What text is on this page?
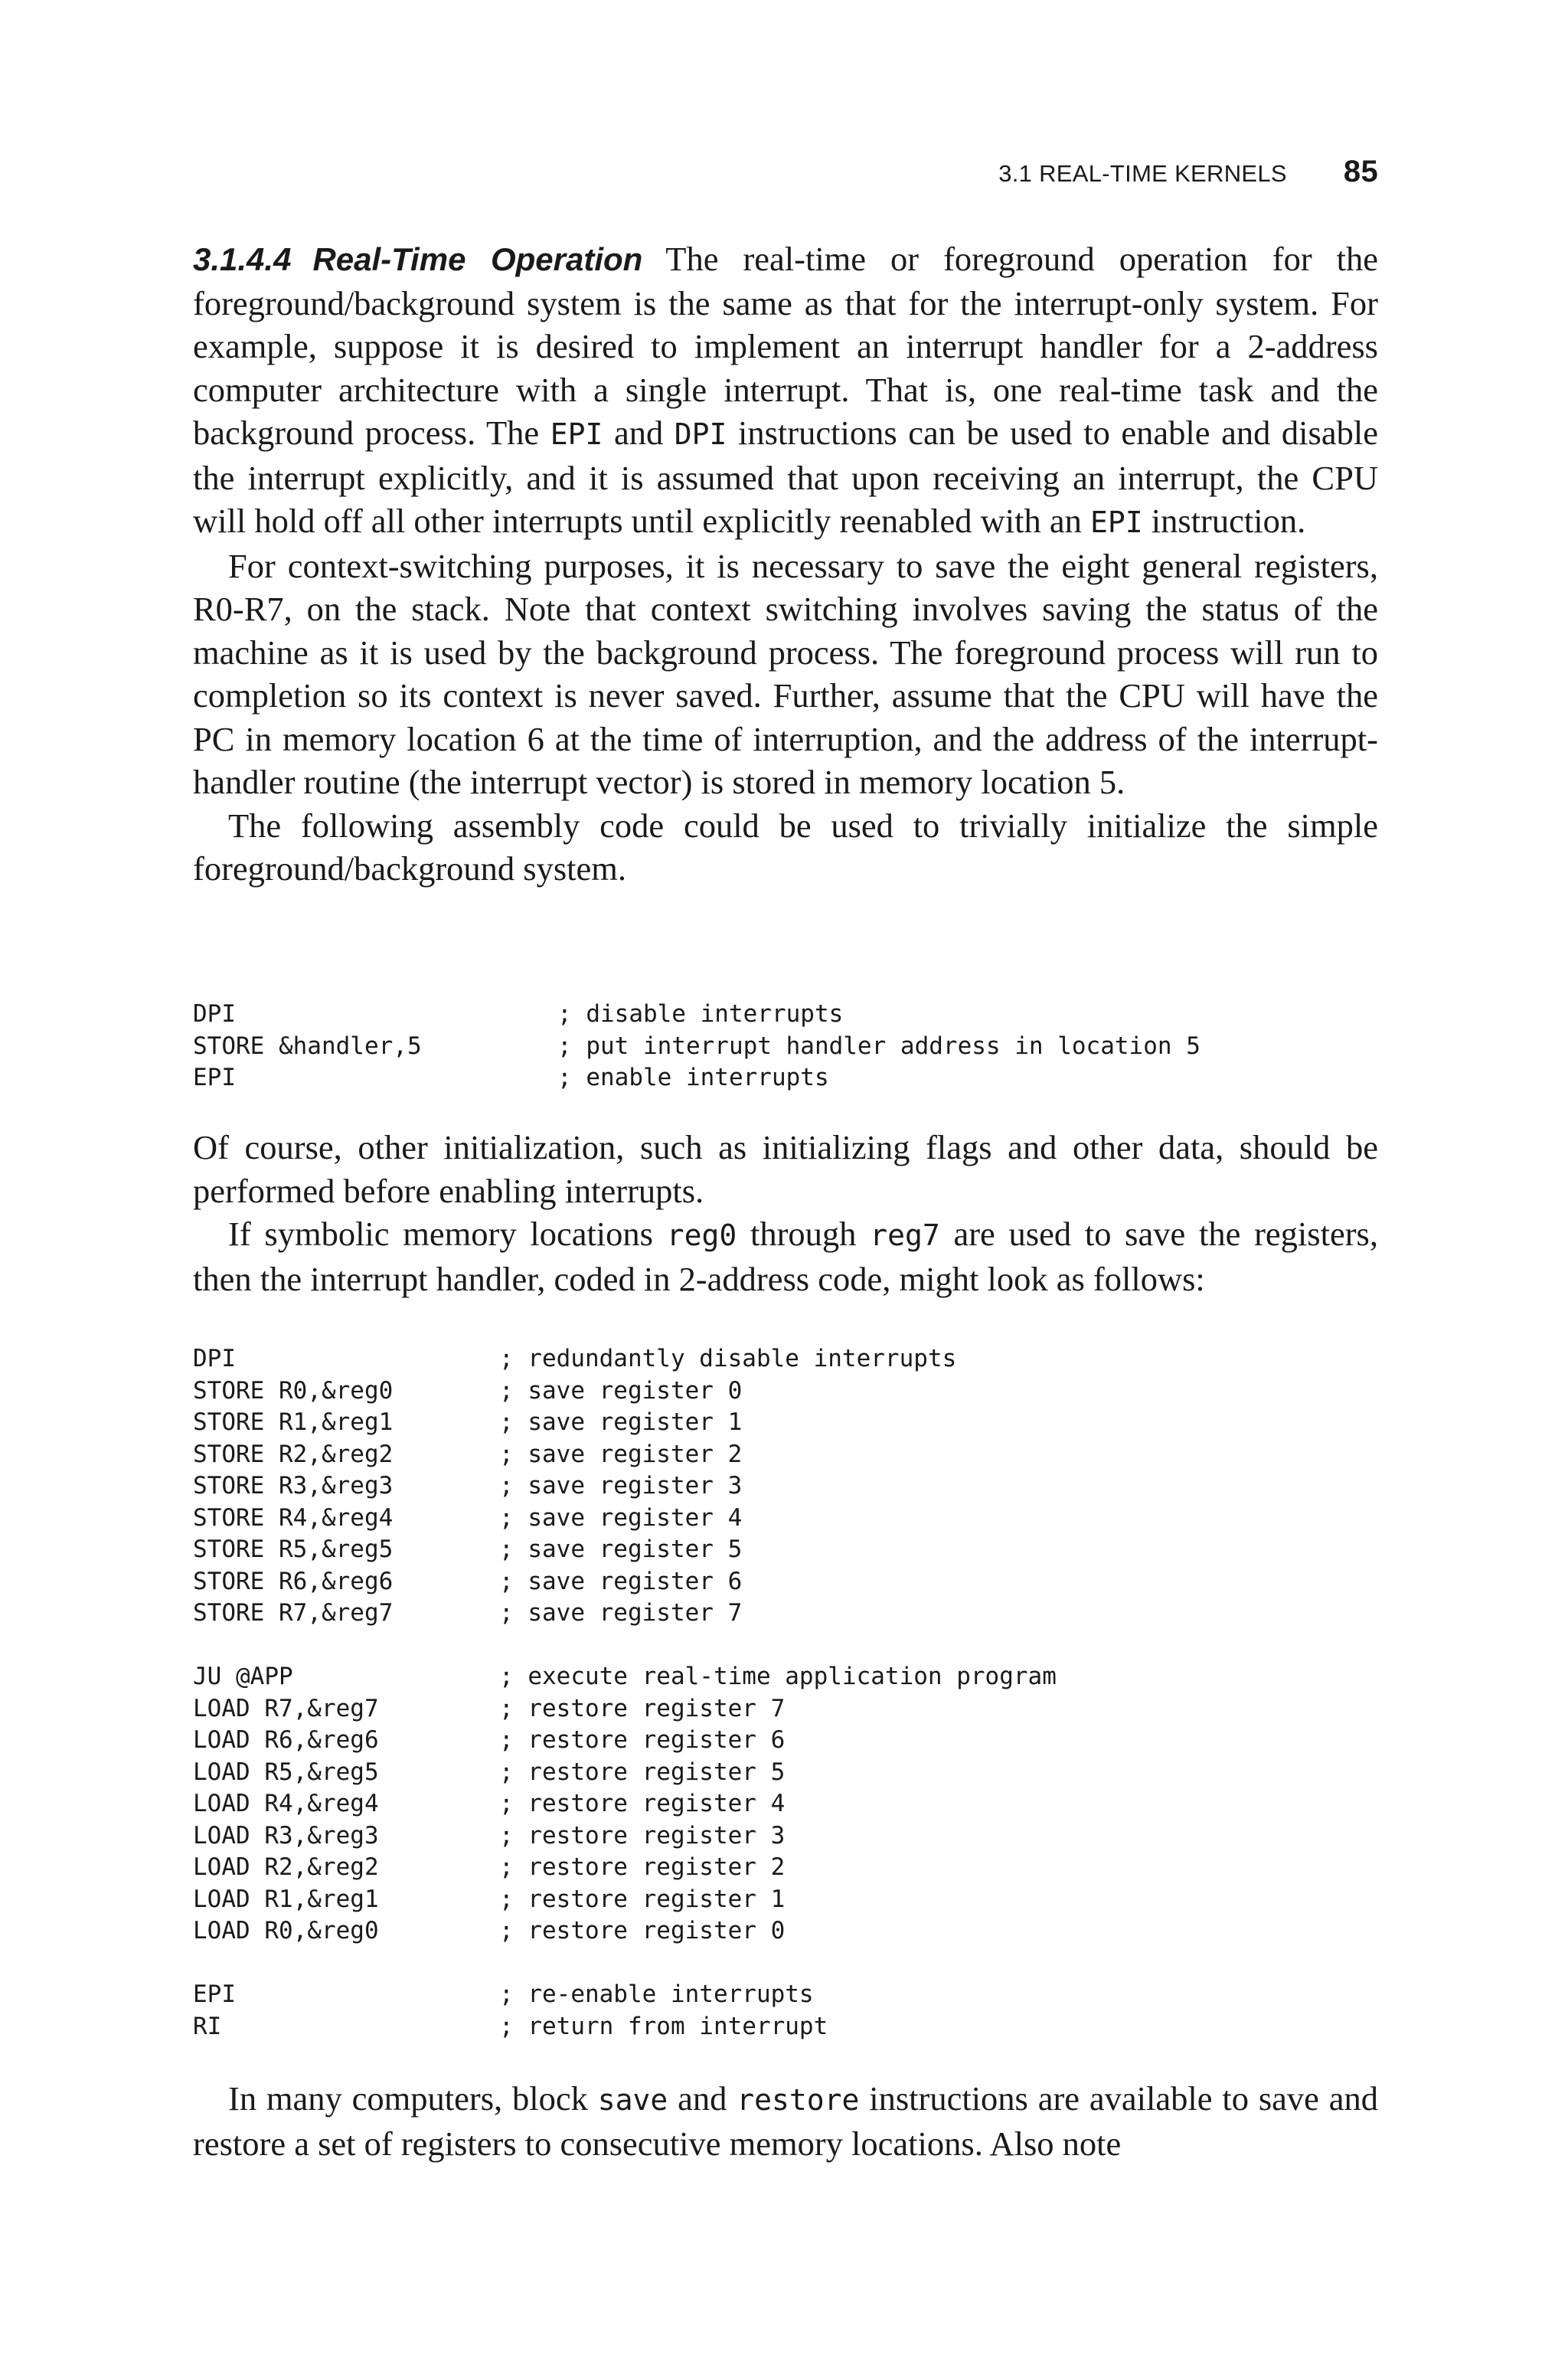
3.1 REAL-TIME KERNELS 85

3.1.4.4 Real-Time Operation The real-time or foreground operation for the foreground/background system is the same as that for the interrupt-only system. For example, suppose it is desired to implement an interrupt handler for a 2-address computer architecture with a single interrupt. That is, one real-time task and the background process. The EPI and DPI instructions can be used to enable and disable the interrupt explicitly, and it is assumed that upon receiving an interrupt, the CPU will hold off all other interrupts until explicitly reenabled with an EPI instruction.

For context-switching purposes, it is necessary to save the eight general registers, R0-R7, on the stack. Note that context switching involves saving the status of the machine as it is used by the background process. The foreground process will run to completion so its context is never saved. Further, assume that the CPU will have the PC in memory location 6 at the time of interruption, and the address of the interrupt-handler routine (the interrupt vector) is stored in memory location 5.

The following assembly code could be used to trivially initialize the simple foreground/background system.

DPI	; disable interrupts
STORE &handler,5	; put interrupt handler address in location 5
EPI	; enable interrupts

Of course, other initialization, such as initializing flags and other data, should be performed before enabling interrupts.

If symbolic memory locations reg0 through reg7 are used to save the registers, then the interrupt handler, coded in 2-address code, might look as follows:

DPI	; redundantly disable interrupts
STORE R0,&reg0	; save register 0
STORE R1,&reg1	; save register 1
STORE R2,&reg2	; save register 2
STORE R3,&reg3	; save register 3
STORE R4,&reg4	; save register 4
STORE R5,&reg5	; save register 5
STORE R6,&reg6	; save register 6
STORE R7,&reg7	; save register 7
JU @APP	; execute real-time application program
LOAD R7,&reg7	; restore register 7
LOAD R6,&reg6	; restore register 6
LOAD R5,&reg5	; restore register 5
LOAD R4,&reg4	; restore register 4
LOAD R3,&reg3	; restore register 3
LOAD R2,&reg2	; restore register 2
LOAD R1,&reg1	; restore register 1
LOAD R0,&reg0	; restore register 0
EPI	; re-enable interrupts
RI	; return from interrupt

In many computers, block save and restore instructions are available to save and restore a set of registers to consecutive memory locations. Also note
